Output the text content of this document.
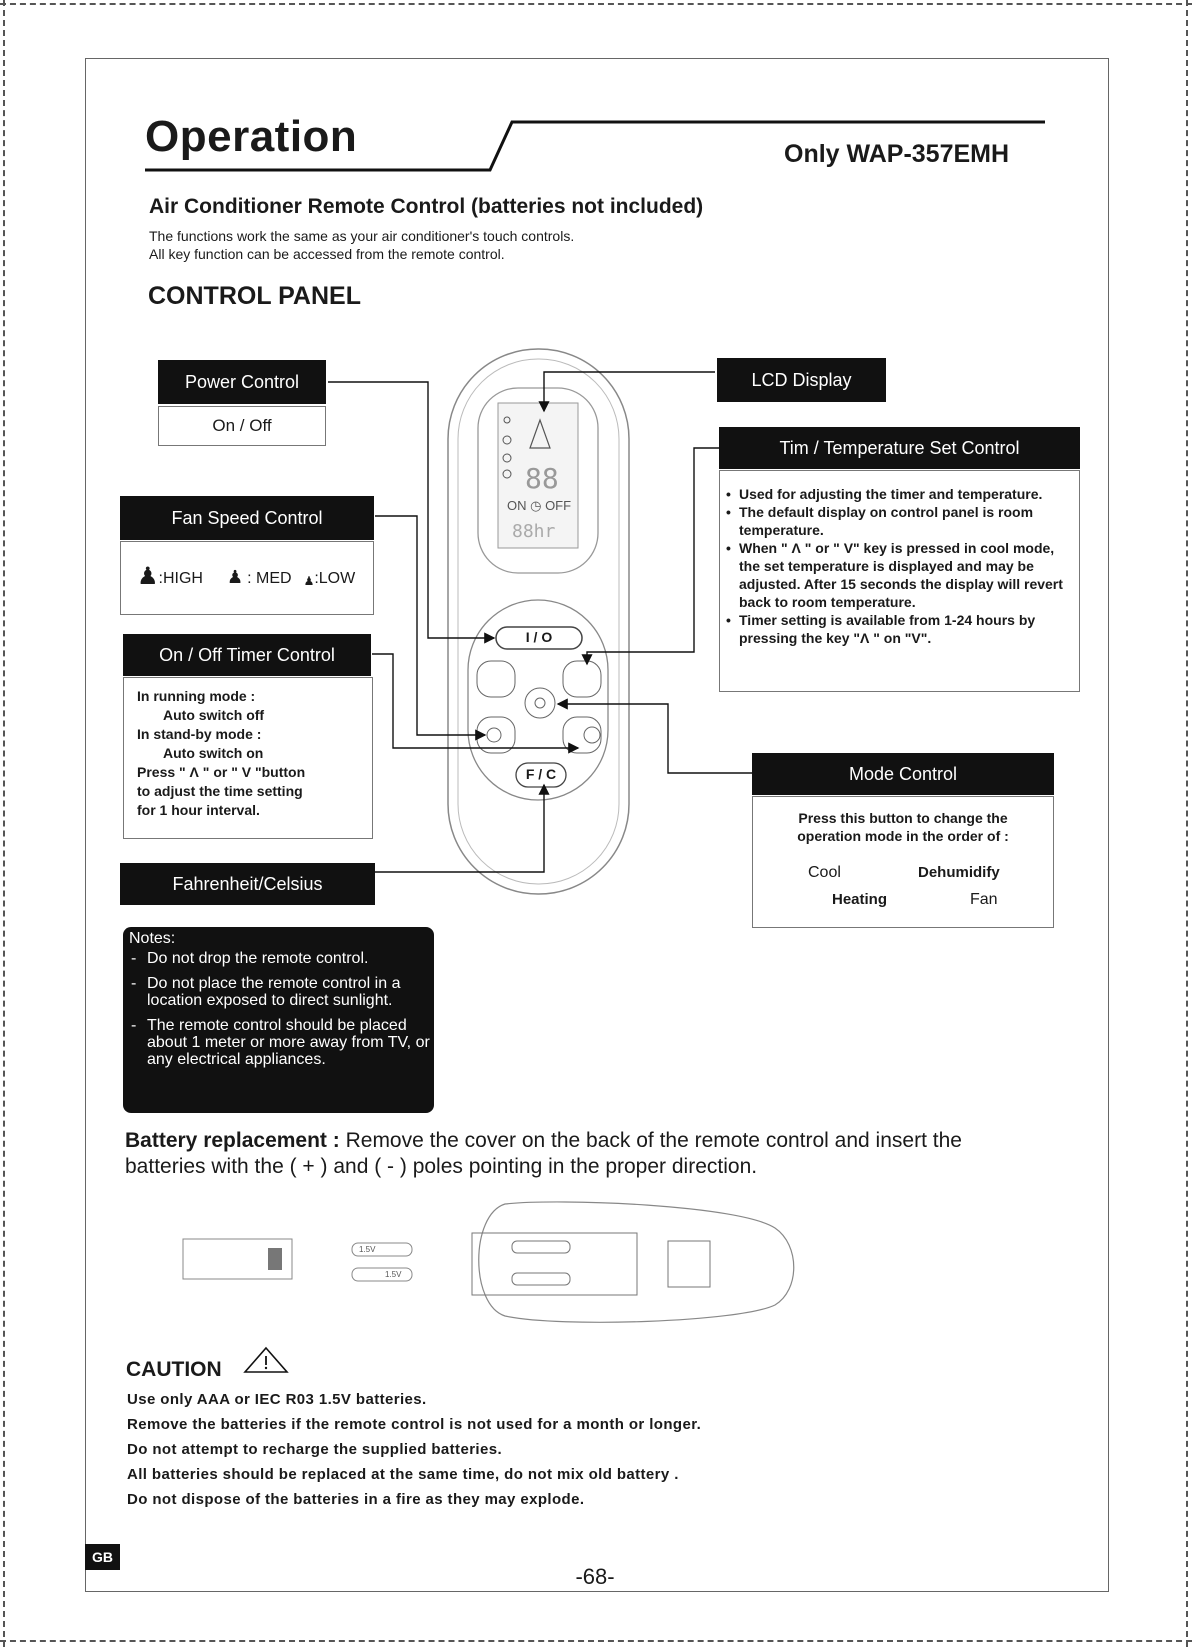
Operation	Only WAP-357EMH
Air Conditioner Remote Control (batteries not included)
The functions work the same as your air conditioner's touch controls.
All key function can be accessed from the remote control.
CONTROL PANEL
ON ◷ OFF
88
88hr
I / O
F / C
1.5V
1.5V
Power Control
On / Off
Fan Speed Control
♟ :HIGH ♟ : MED ♟ :LOW
On / Off Timer Control
In running mode :
Auto switch off
In stand-by mode :
Auto switch on
Press " Λ " or " V "button
to adjust the time setting
for 1 hour interval.
Fahrenheit/Celsius
LCD Display
Tim / Temperature Set Control
• Used for adjusting the timer and temperature.
• The default display on control panel is room temperature.
• When " Λ " or " V" key is pressed in cool mode, the set temperature is displayed and may be adjusted. After 15 seconds the display will revert back to room temperature.
• Timer setting is available from 1-24 hours by pressing the key "Λ " on "V".
Mode Control
Press this button to change the
operation mode in the order of :
Cool	Dehumidify
Heating	Fan
Notes:
- Do not drop the remote control.
- Do not place the remote control in a location exposed to direct sunlight.
- The remote control should be placed about 1 meter or more away from TV, or any electrical appliances.
Battery replacement : Remove the cover on the back of the remote control and insert the batteries with the ( + ) and ( - ) poles pointing in the proper direction.
CAUTION
Use only AAA or IEC R03 1.5V batteries.
Remove the batteries if the remote control is not used for a month or longer.
Do not attempt to recharge the supplied batteries.
All batteries should be replaced at the same time, do not mix old battery .
Do not dispose of the batteries in a fire as they may explode.
GB
-68-
